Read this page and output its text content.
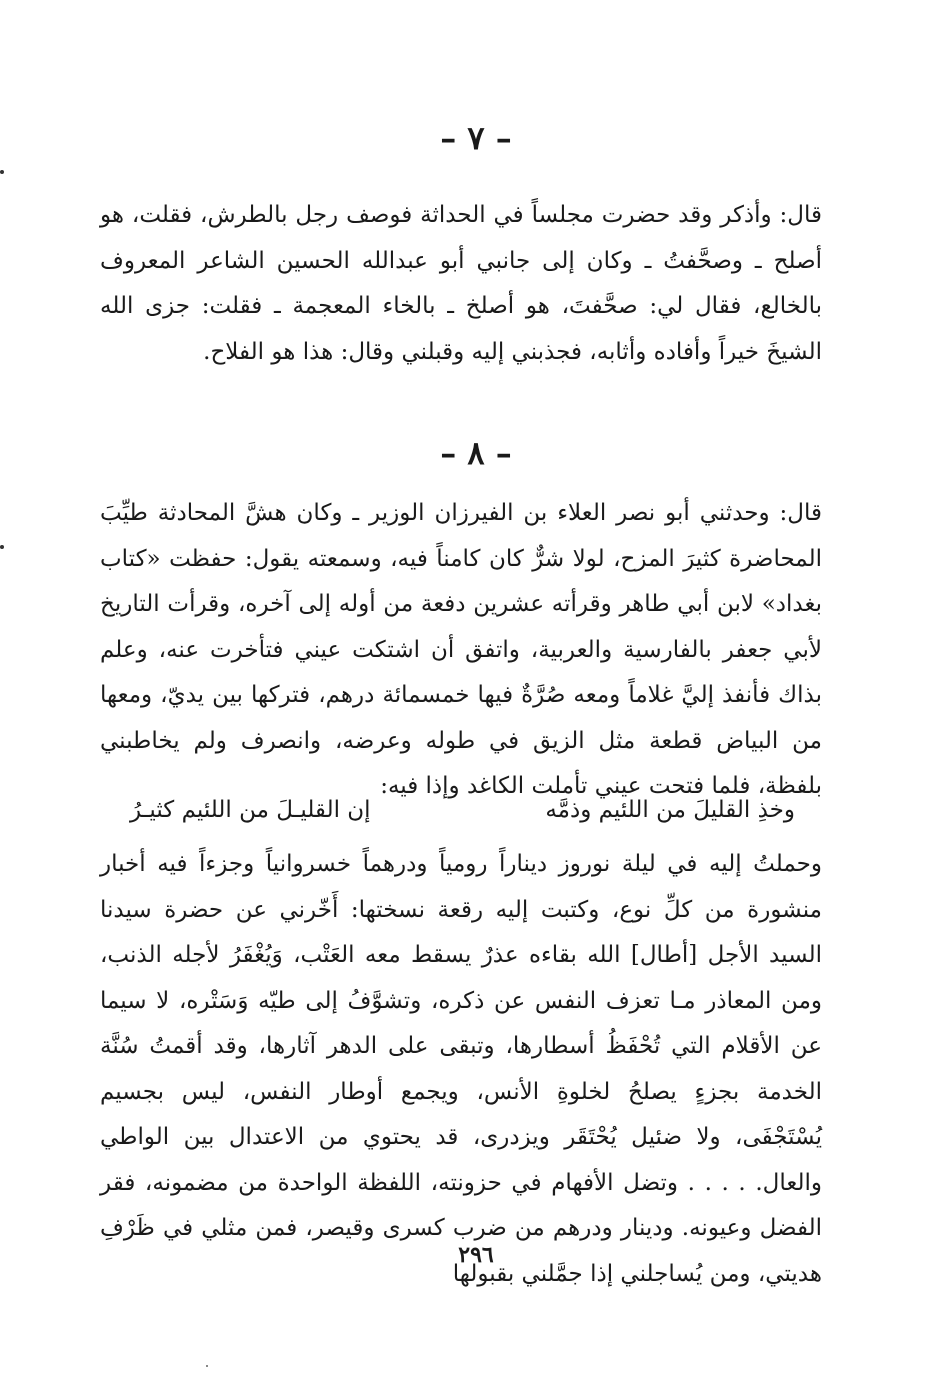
– ٧ –

قال: وأذكر وقد حضرت مجلساً في الحداثة فوصف رجل بالطرش، فقلت، هو أصلح ـ وصحَّفتُ ـ وكان إلى جانبي أبو عبدالله الحسين الشاعر المعروف بالخالع، فقال لي: صحَّفتَ، هو أصلخ ـ بالخاء المعجمة ـ فقلت: جزى الله الشيخَ خيراً وأفاده وأثابه، فجذبني إليه وقبلني وقال: هذا هو الفلاح.

– ٨ –

قال: وحدثني أبو نصر العلاء بن الفيرزان الوزير ـ وكان هشَّ المحادثة طيِّبَ المحاضرة كثيرَ المزح، لولا شرٌّ كان كامناً فيه، وسمعته يقول: حفظت «كتاب بغداد» لابن أبي طاهر وقرأته عشرين دفعة من أوله إلى آخره، وقرأت التاريخ لأبي جعفر بالفارسية والعربية، واتفق أن اشتكت عيني فتأخرت عنه، وعلم بذاك فأنفذ إليَّ غلاماً ومعه صُرَّةٌ فيها خمسمائة درهم، فتركها بين يديّ، ومعها من البياض قطعة مثل الزيق في طوله وعرضه، وانصرف ولم يخاطبني بلفظة، فلما فتحت عيني تأملت الكاغد وإذا فيه:

وخذِ القليلَ من اللئيم وذمَّه
إن القليـلَ من اللئيم كثيـرُ

وحملتُ إليه في ليلة نوروز ديناراً رومياً ودرهماً خسروانياً وجزءاً فيه أخبار منشورة من كلِّ نوع، وكتبت إليه رقعة نسختها: أَخّرني عن حضرة سيدنا السيد الأجل [أطال] الله بقاءه عذرٌ يسقط معه العَتْب، وَيُغْفَرُ لأجله الذنب، ومن المعاذر مـا تعزف النفس عن ذكره، وتشوَّفُ إلى طيّه وَسَتْره، لا سيما عن الأقلام التي تُحْفَظُ أسطارها، وتبقى على الدهر آثارها، وقد أقمتُ سُنَّة الخدمة بجزءٍ يصلحُ لخلوةِ الأنس، ويجمع أوطار النفس، ليس بجسيم يُسْتَجْفَى، ولا ضئيل يُحْتَقَر ويزدرى، قد يحتوي من الاعتدال بين الواطي والعال. . . . . وتضل الأفهام في حزونته، اللفظة الواحدة من مضمونه، فقر الفضل وعيونه. ودينار ودرهم من ضرب كسرى وقيصر، فمن مثلي في ظَرْفِ هديتي، ومن يُساجلني إذا جمَّلني بقبولها

٢٩٦
